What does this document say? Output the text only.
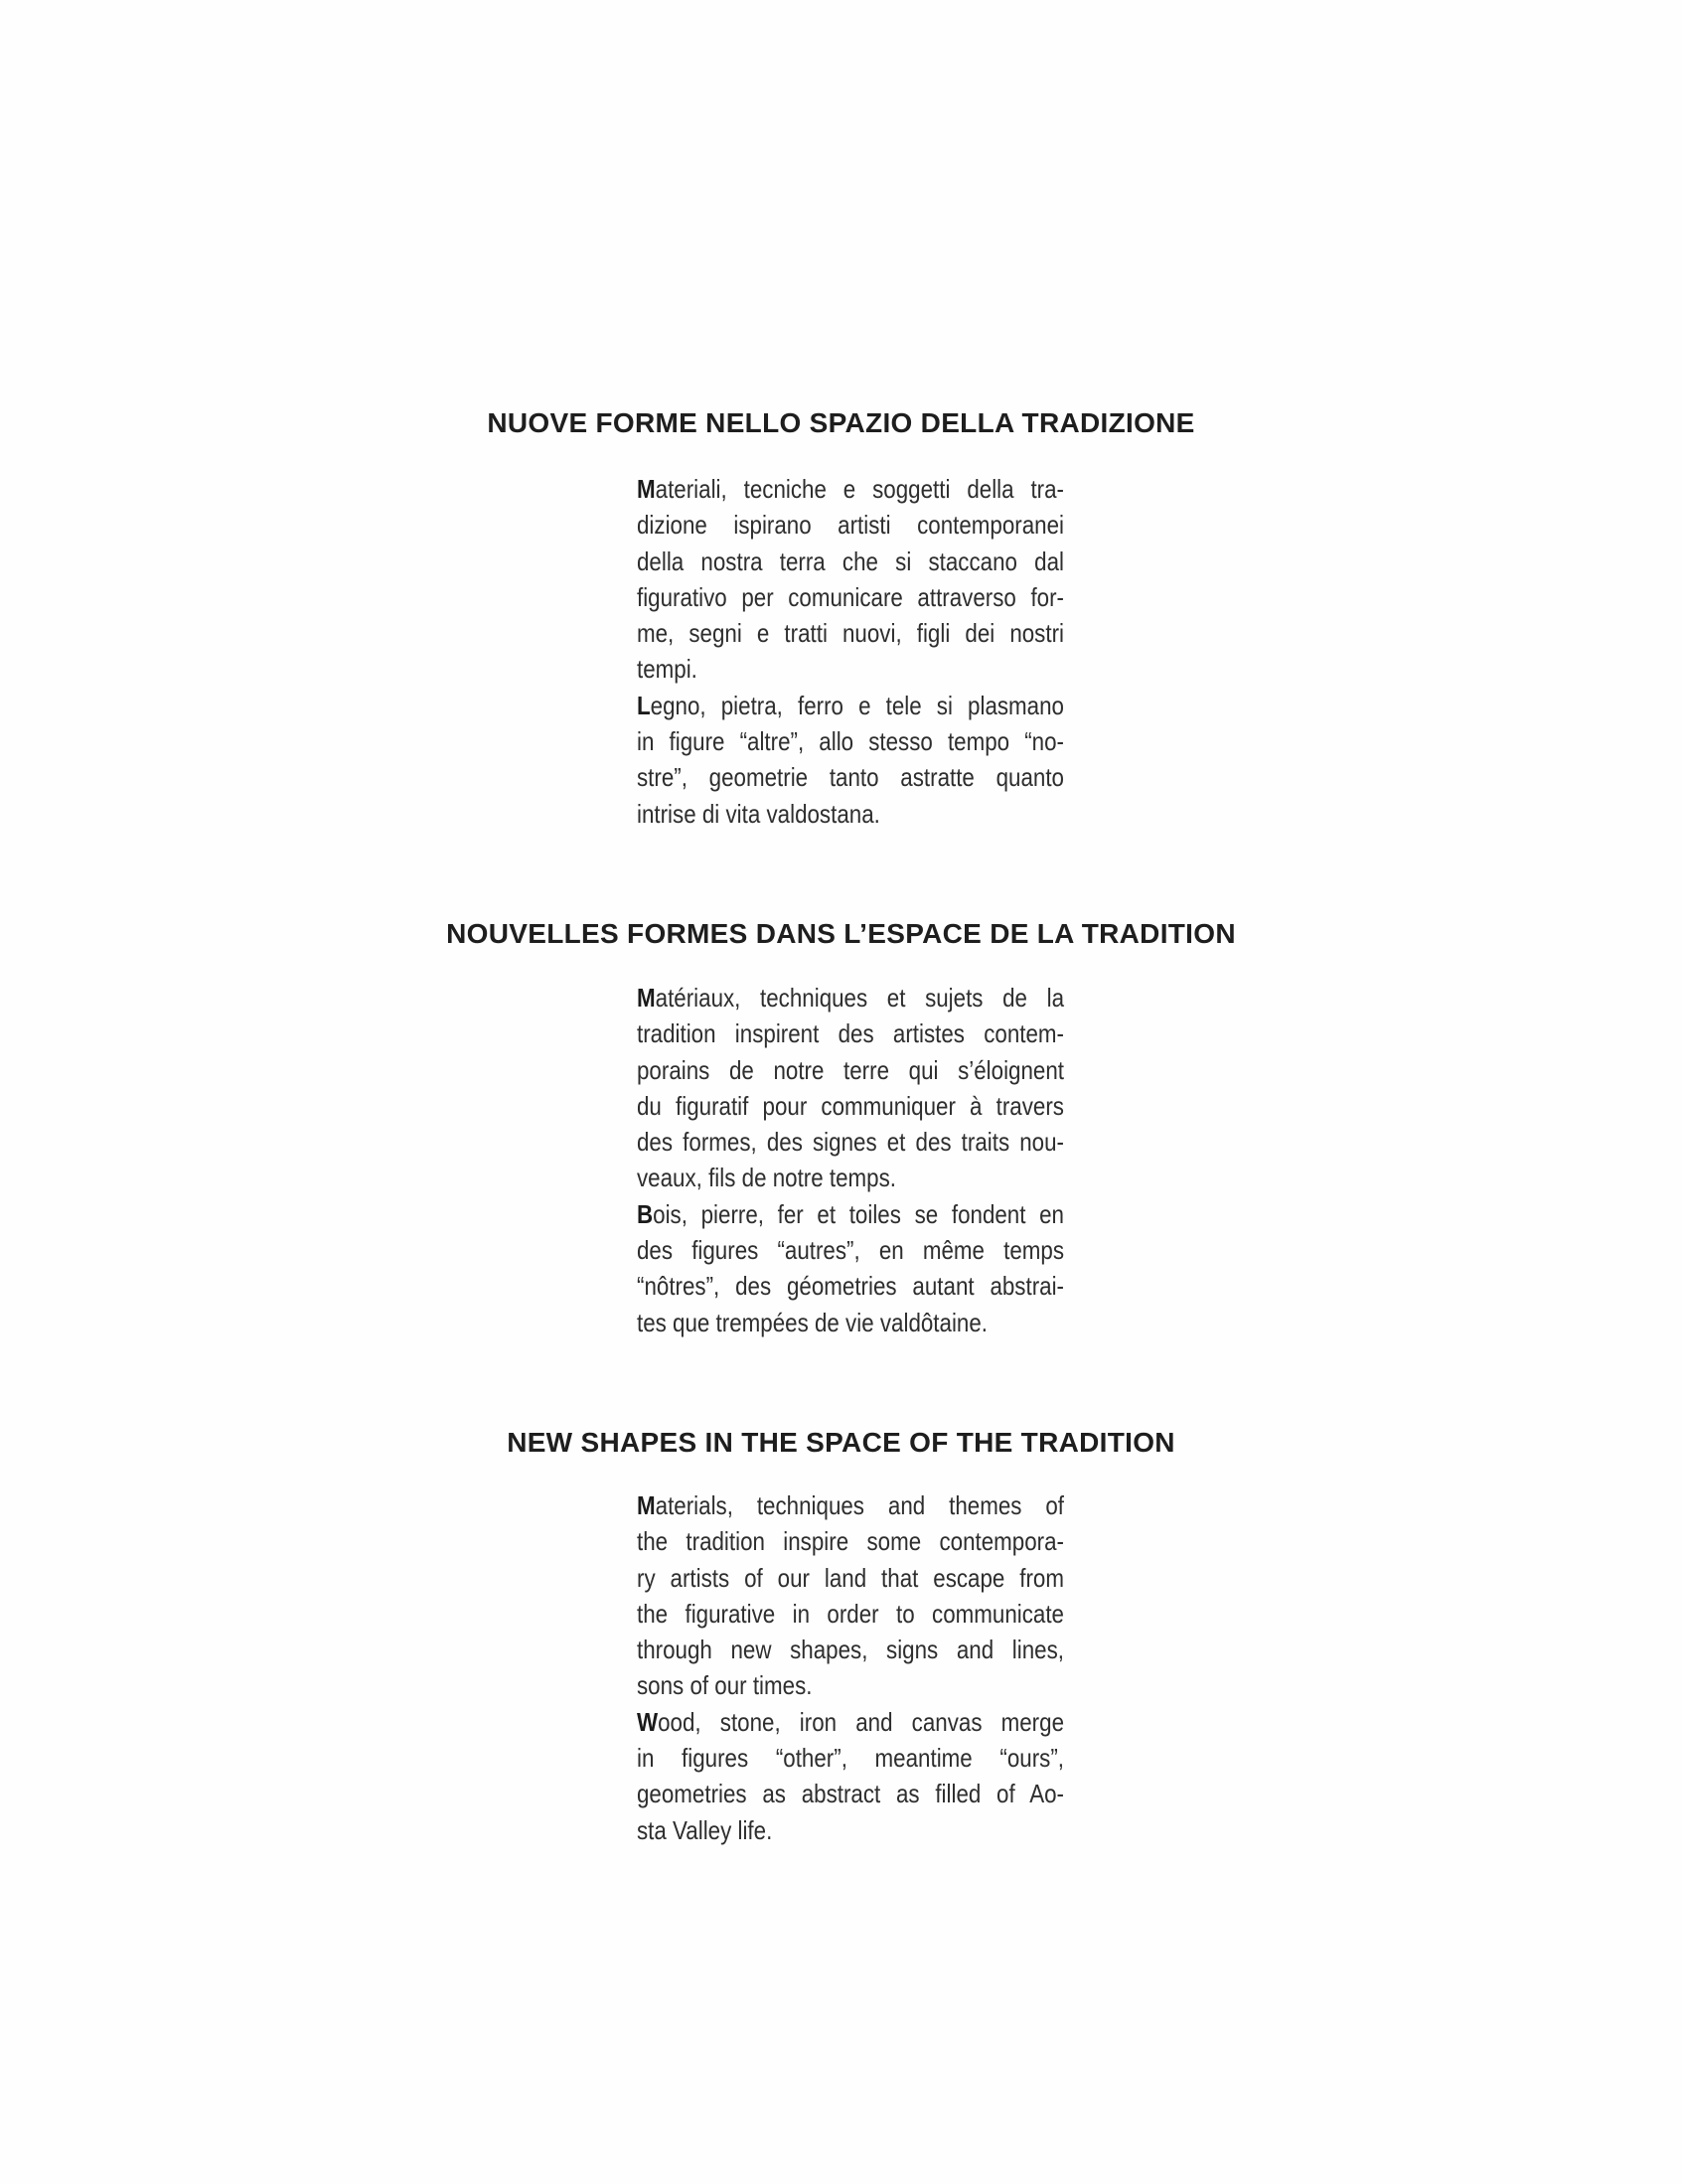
NUOVE FORME NELLO SPAZIO DELLA TRADIZIONE
Materiali, tecniche e soggetti della tra-
dizione ispirano artisti contemporanei
della nostra terra che si staccano dal
figurativo per comunicare attraverso for-
me, segni e tratti nuovi, figli dei nostri
tempi.
Legno, pietra, ferro e tele si plasmano
in figure “altre”, allo stesso tempo “no-
stre”, geometrie tanto astratte quanto
intrise di vita valdostana.
NOUVELLES FORMES DANS L’ESPACE DE LA TRADITION
Matériaux, techniques et sujets de la
tradition inspirent des artistes contem-
porains de notre terre qui s’éloignent
du figuratif pour communiquer à travers
des formes, des signes et des traits nou-
veaux, fils de notre temps.
Bois, pierre, fer et toiles se fondent en
des figures “autres”, en même temps
“nôtres”, des géometries autant abstrai-
tes que trempées de vie valdôtaine.
NEW SHAPES IN THE SPACE OF THE TRADITION
Materials, techniques and themes of
the tradition inspire some contempora-
ry artists of our land that escape from
the figurative in order to communicate
through new shapes, signs and lines,
sons of our times.
Wood, stone, iron and canvas merge
in figures “other”, meantime “ours”,
geometries as abstract as filled of Ao-
sta Valley life.
